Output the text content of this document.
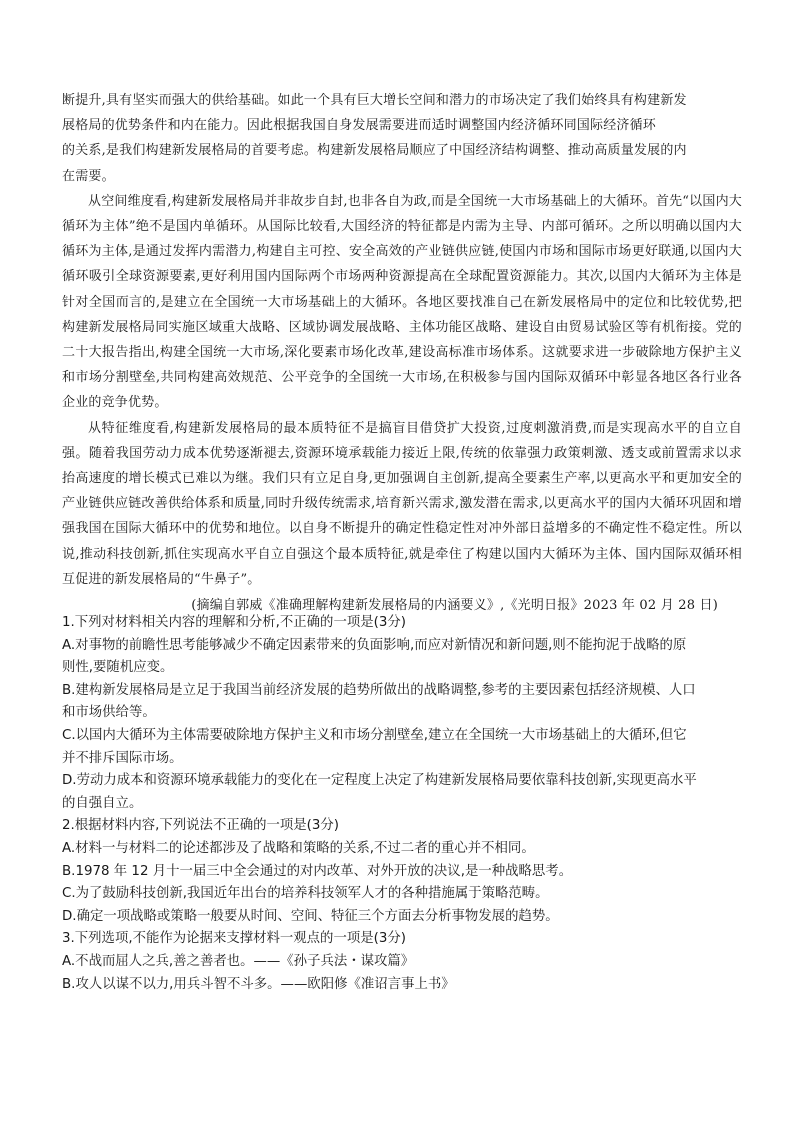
断提升,具有坚实而强大的供给基础。如此一个具有巨大增长空间和潜力的市场决定了我们始终具有构建新发

展格局的优势条件和内在能力。因此根据我国自身发展需要进而适时调整国内经济循环同国际经济循环

的关系,是我们构建新发展格局的首要考虑。构建新发展格局顺应了中国经济结构调整、推动高质量发展的内

在需要。

从空间维度看,构建新发展格局并非故步自封,也非各自为政,而是全国统一大市场基础上的大循环。首先“以国内大循环为主体”绝不是国内单循环。从国际比较看,大国经济的特征都是内需为主导、内部可循环。之所以明确以国内大循环为主体,是通过发挥内需潜力,构建自主可控、安全高效的产业链供应链,使国内市场和国际市场更好联通,以国内大循环吸引全球资源要素,更好利用国内国际两个市场两种资源提高在全球配置资源能力。其次,以国内大循环为主体是针对全国而言的,是建立在全国统一大市场基础上的大循环。各地区要找准自己在新发展格局中的定位和比较优势,把构建新发展格局同实施区域重大战略、区域协调发展战略、主体功能区战略、建设自由贸易试验区等有机衔接。党的二十大报告指出,构建全国统一大市场,深化要素市场化改革,建设高标准市场体系。这就要求进一步破除地方保护主义和市场分割壁垒,共同构建高效规范、公平竞争的全国统一大市场,在积极参与国内国际双循环中彰显各地区各行业各企业的竞争优势。

从特征维度看,构建新发展格局的最本质特征不是搞盲目借贷扩大投资,过度刺激消费,而是实现高水平的自立自强。随着我国劳动力成本优势逐渐褪去,资源环境承载能力接近上限,传统的依靠强力政策刺激、透支或前置需求以求抬高速度的增长模式已难以为继。我们只有立足自身,更加强调自主创新,提高全要素生产率,以更高水平和更加安全的产业链供应链改善供给体系和质量,同时升级传统需求,培育新兴需求,激发潜在需求,以更高水平的国内大循环巩固和增强我国在国际大循环中的优势和地位。以自身不断提升的确定性稳定性对冲外部日益增多的不确定性不稳定性。所以说,推动科技创新,抓住实现高水平自立自强这个最本质特征,就是牵住了构建以国内大循环为主体、国内国际双循环相互促进的新发展格局的“牛鼻子”。

(摘编自郭威《准确理解构建新发展格局的内涵要义》,《光明日报》2023 年 02 月 28 日)

1.下列对材料相关内容的理解和分析,不正确的一项是(3分)

A.对事物的前瞻性思考能够减少不确定因素带来的负面影响,而应对新情况和新问题,则不能拘泥于战略的原

则性,要随机应变。

B.建构新发展格局是立足于我国当前经济发展的趋势所做出的战略调整,参考的主要因素包括经济规模、人口

和市场供给等。

C.以国内大循环为主体需要破除地方保护主义和市场分割壁垒,建立在全国统一大市场基础上的大循环,但它

并不排斥国际市场。

D.劳动力成本和资源环境承载能力的变化在一定程度上决定了构建新发展格局要依靠科技创新,实现更高水平

的自强自立。

2.根据材料内容,下列说法不正确的一项是(3分)

A.材料一与材料二的论述都涉及了战略和策略的关系,不过二者的重心并不相同。

B.1978 年 12 月十一届三中全会通过的对内改革、对外开放的决议,是一种战略思考。

C.为了鼓励科技创新,我国近年出台的培养科技领军人才的各种措施属于策略范畴。

D.确定一项战略或策略一般要从时间、空间、特征三个方面去分析事物发展的趋势。

3.下列选项,不能作为论据来支撑材料一观点的一项是(3分)

A.不战而屈人之兵,善之善者也。——《孙子兵法・谋攻篇》

B.攻人以谋不以力,用兵斗智不斗多。——欧阳修《准诏言事上书》
